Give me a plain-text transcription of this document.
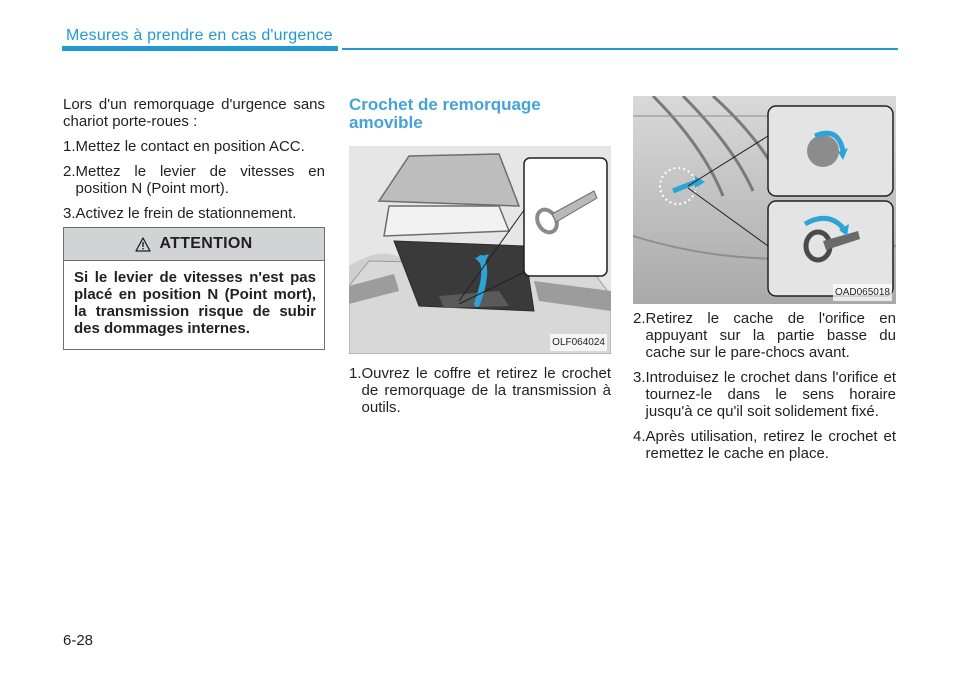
Mesures à prendre en cas d'urgence

Lors d'un remorquage d'urgence sans chariot porte-roues :

1. Mettez le contact en position ACC.
2. Mettez le levier de vitesses en position N (Point mort).
3. Activez le frein de stationnement.
ATTENTION
Si le levier de vitesses n'est pas placé en position N (Point mort), la transmission risque de subir des dommages internes.
Crochet de remorquage amovible
OLF064024
1. Ouvrez le coffre et retirez le crochet de remorquage de la transmission à outils.
OAD065018
2. Retirez le cache de l'orifice en appuyant sur la partie basse du cache sur le pare-chocs avant.
3. Introduisez le crochet dans l'orifice et tournez-le dans le sens horaire jusqu'à ce qu'il soit solidement fixé.
4. Après utilisation, retirez le crochet et remettez le cache en place.
6-28
